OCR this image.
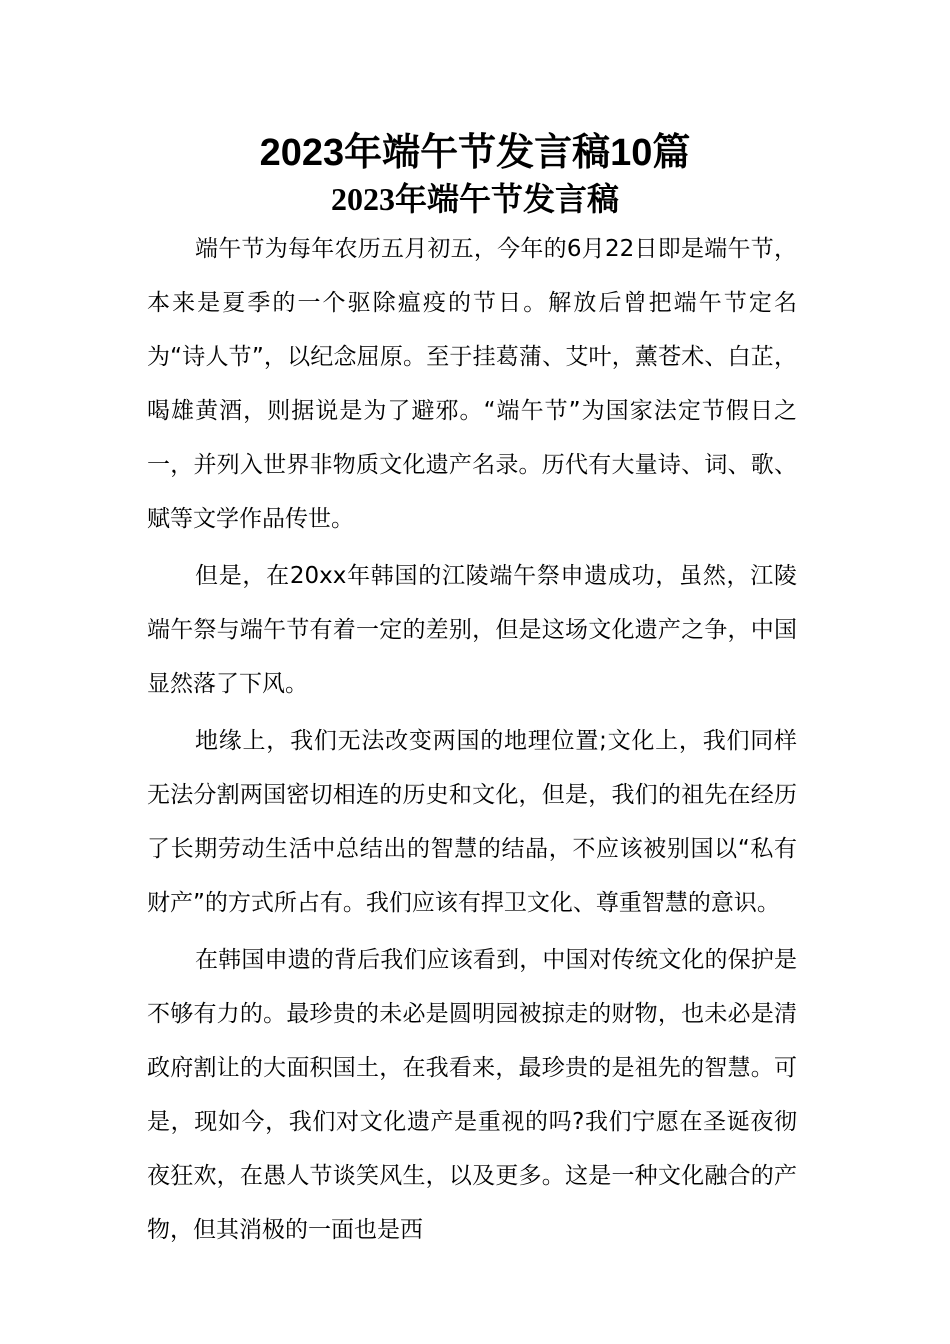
2023年端午节发言稿10篇
2023年端午节发言稿

端午节为每年农历五月初五，今年的6月22日即是端午节，本来是夏季的一个驱除瘟疫的节日。解放后曾把端午节定名为“诗人节”，以纪念屈原。至于挂葛蒲、艾叶，薰苍术、白芷，喝雄黄酒，则据说是为了避邪。“端午节”为国家法定节假日之一，并列入世界非物质文化遗产名录。历代有大量诗、词、歌、赋等文学作品传世。

但是，在20xx年韩国的江陵端午祭申遗成功，虽然，江陵端午祭与端午节有着一定的差别，但是这场文化遗产之争，中国显然落了下风。

地缘上，我们无法改变两国的地理位置;文化上，我们同样无法分割两国密切相连的历史和文化，但是，我们的祖先在经历了长期劳动生活中总结出的智慧的结晶，不应该被别国以“私有财产”的方式所占有。我们应该有捍卫文化、尊重智慧的意识。

在韩国申遗的背后我们应该看到，中国对传统文化的保护是不够有力的。最珍贵的未必是圆明园被掠走的财物，也未必是清政府割让的大面积国土，在我看来，最珍贵的是祖先的智慧。可是，现如今，我们对文化遗产是重视的吗?我们宁愿在圣诞夜彻夜狂欢，在愚人节谈笑风生，以及更多。这是一种文化融合的产物，但其消极的一面也是西
